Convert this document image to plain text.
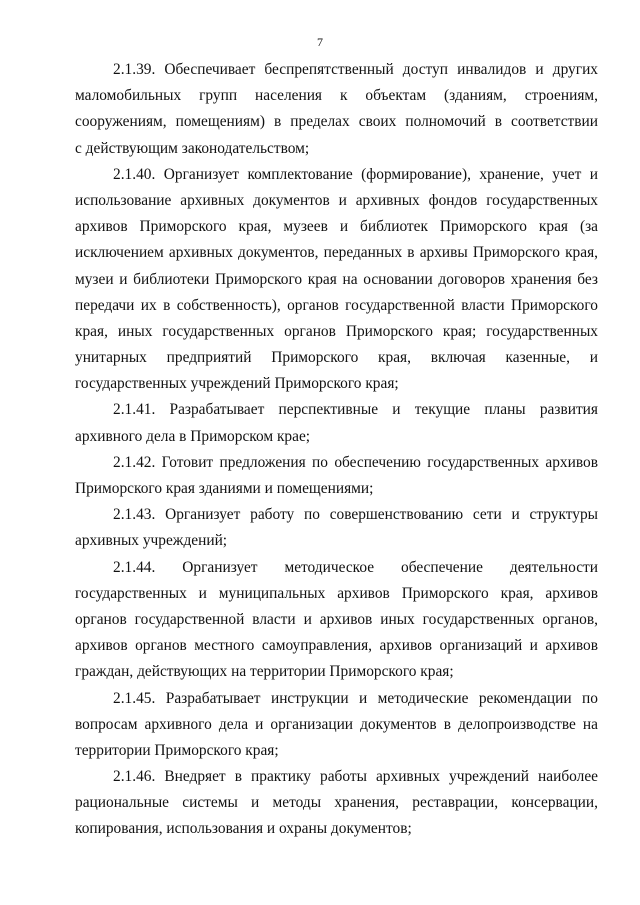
7
2.1.39. Обеспечивает беспрепятственный доступ инвалидов и других
маломобильных групп населения к объектам (зданиям, строениям,
сооружениям, помещениям) в пределах своих полномочий в соответствии
с действующим законодательством;
2.1.40. Организует комплектование (формирование), хранение, учет и
использование архивных документов и архивных фондов государственных
архивов Приморского края, музеев и библиотек Приморского края (за
исключением архивных документов, переданных в архивы Приморского края,
музеи и библиотеки Приморского края на основании договоров хранения без
передачи их в собственность), органов государственной власти Приморского
края, иных государственных органов Приморского края; государственных
унитарных предприятий Приморского края, включая казенные, и
государственных учреждений Приморского края;
2.1.41. Разрабатывает перспективные и текущие планы развития
архивного дела в Приморском крае;
2.1.42. Готовит предложения по обеспечению государственных архивов
Приморского края зданиями и помещениями;
2.1.43. Организует работу по совершенствованию сети и структуры
архивных учреждений;
2.1.44. Организует методическое обеспечение деятельности
государственных и муниципальных архивов Приморского края, архивов
органов государственной власти и архивов иных государственных органов,
архивов органов местного самоуправления, архивов организаций и архивов
граждан, действующих на территории Приморского края;
2.1.45. Разрабатывает инструкции и методические рекомендации по
вопросам архивного дела и организации документов в делопроизводстве на
территории Приморского края;
2.1.46. Внедряет в практику работы архивных учреждений наиболее
рациональные системы и методы хранения, реставрации, консервации,
копирования, использования и охраны документов;
